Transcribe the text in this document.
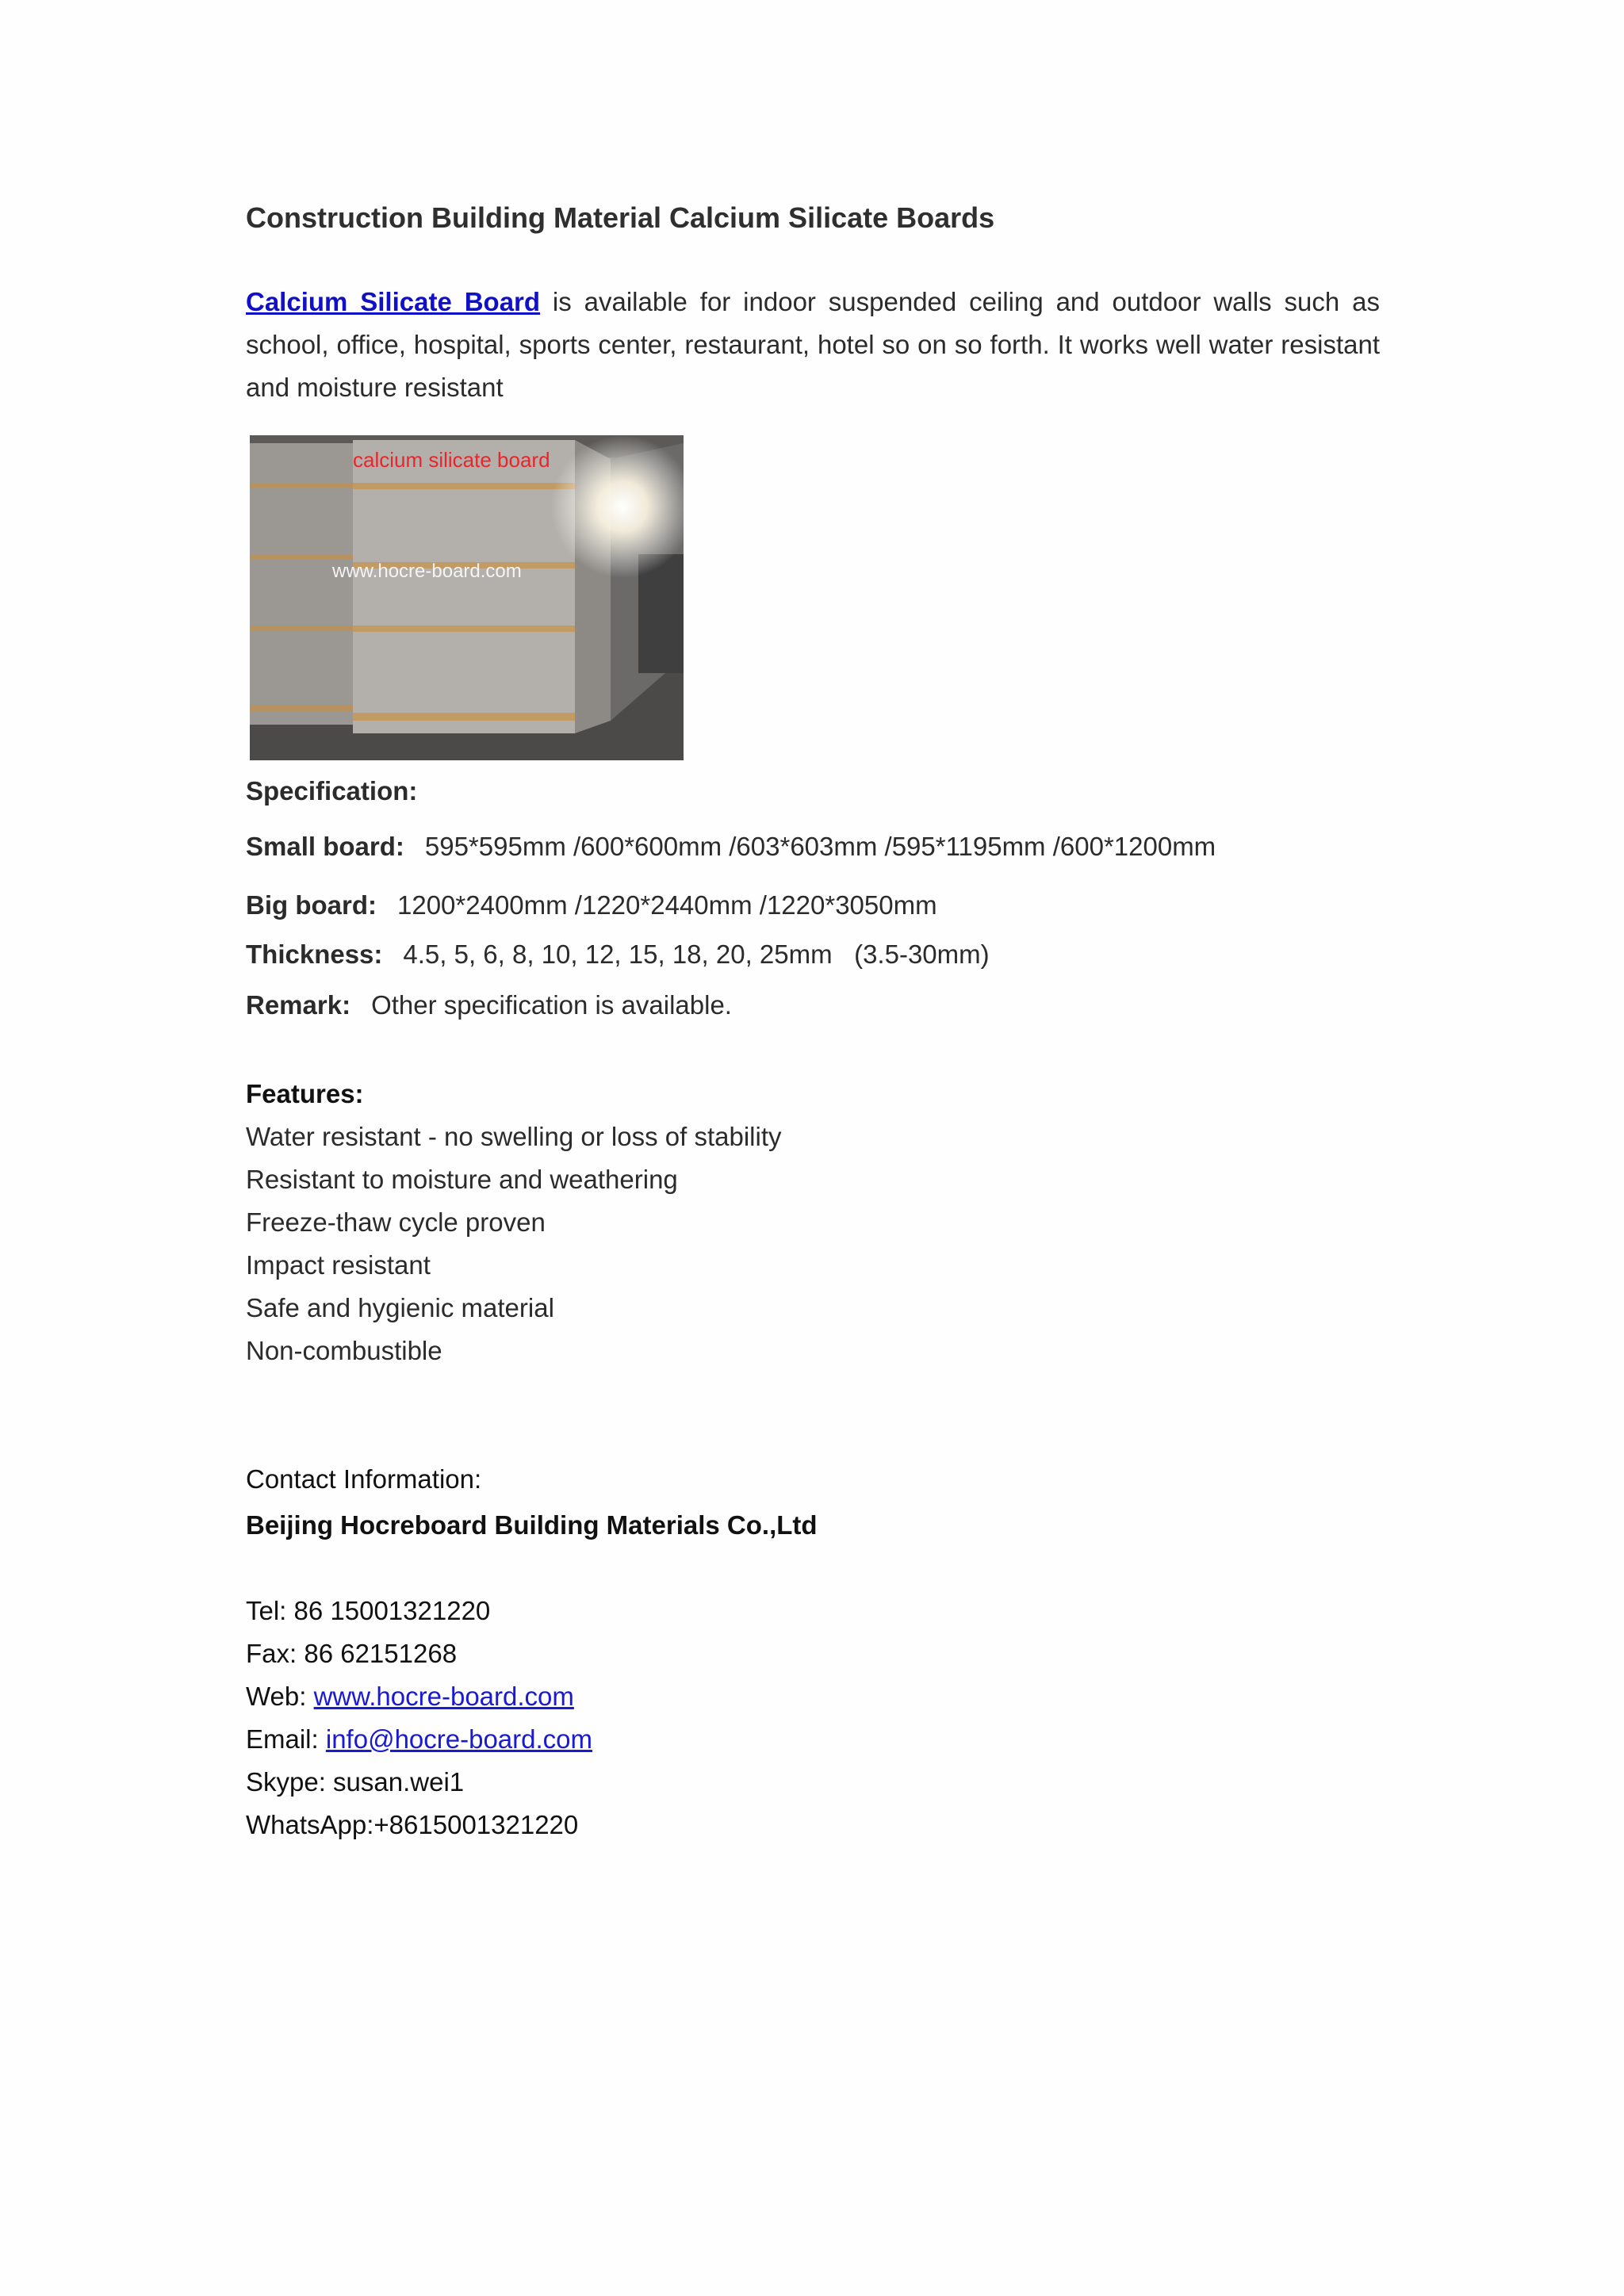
Construction Building Material Calcium Silicate Boards

Calcium Silicate Board is available for indoor suspended ceiling and outdoor walls such as school, office, hospital, sports center, restaurant, hotel so on so forth. It works well water resistant and moisture resistant

calcium silicate board
www.hocre-board.com
Specification:
Small board: 595*595mm /600*600mm /603*603mm /595*1195mm /600*1200mm
Big board: 1200*2400mm /1220*2440mm /1220*3050mm
Thickness: 4.5, 5, 6, 8, 10, 12, 15, 18, 20, 25mm   (3.5-30mm)
Remark: Other specification is available.
Features:
Water resistant - no swelling or loss of stability
Resistant to moisture and weathering
Freeze-thaw cycle proven
Impact resistant
Safe and hygienic material
Non-combustible
Contact Information:
Beijing Hocreboard Building Materials Co.,Ltd
Tel: 86 15001321220
Fax: 86 62151268
Web: www.hocre-board.com
Email: info@hocre-board.com
Skype: susan.wei1
WhatsApp:+8615001321220
